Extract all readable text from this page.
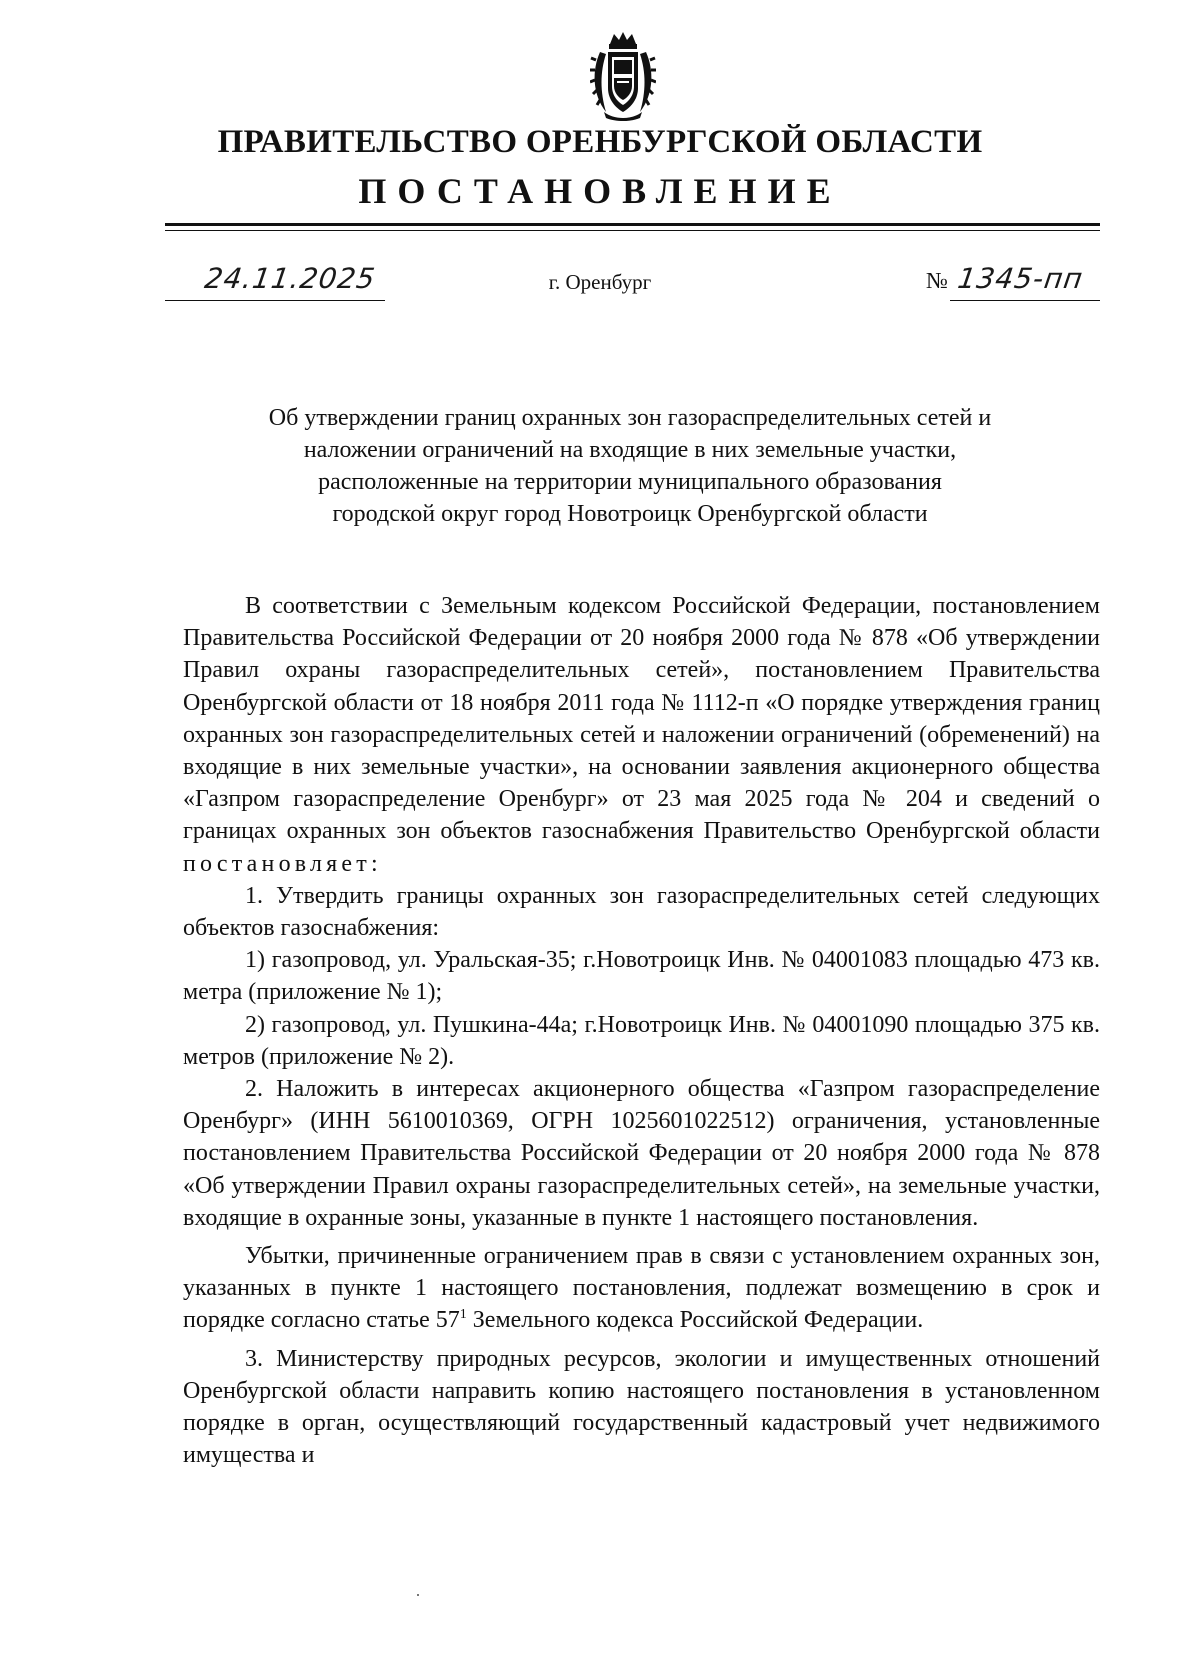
ПРАВИТЕЛЬСТВО ОРЕНБУРГСКОЙ ОБЛАСТИ
ПОСТАНОВЛЕНИЕ
24.11.2025	г. Оренбург	№ 1345-пп
Об утверждении границ охранных зон газораспределительных сетей и
наложении ограничений на входящие в них земельные участки,
расположенные на территории муниципального образования
городской округ город Новотроицк Оренбургской области

В соответствии с Земельным кодексом Российской Федерации, постановлением Правительства Российской Федерации от 20 ноября 2000 года № 878 «Об утверждении Правил охраны газораспределительных сетей», постановлением Правительства Оренбургской области от 18 ноября 2011 года № 1112-п «О порядке утверждения границ охранных зон газораспределительных сетей и наложении ограничений (обременений) на входящие в них земельные участки», на основании заявления акционерного общества «Газпром газораспределение Оренбург» от 23 мая 2025 года № 204 и сведений о границах охранных зон объектов газоснабжения Правительство Оренбургской области постановляет:

1. Утвердить границы охранных зон газораспределительных сетей следующих объектов газоснабжения:

1) газопровод, ул. Уральская-35; г.Новотроицк Инв. № 04001083 площадью 473 кв. метра (приложение № 1);

2) газопровод, ул. Пушкина-44а; г.Новотроицк Инв. № 04001090 площадью 375 кв. метров (приложение № 2).

2. Наложить в интересах акционерного общества «Газпром газораспределение Оренбург» (ИНН 5610010369, ОГРН 1025601022512) ограничения, установленные постановлением Правительства Российской Федерации от 20 ноября 2000 года № 878 «Об утверждении Правил охраны газораспределительных сетей», на земельные участки, входящие в охранные зоны, указанные в пункте 1 настоящего постановления.

Убытки, причиненные ограничением прав в связи с установлением охранных зон, указанных в пункте 1 настоящего постановления, подлежат возмещению в срок и порядке согласно статье $57^1$ Земельного кодекса Российской Федерации.

3. Министерству природных ресурсов, экологии и имущественных отношений Оренбургской области направить копию настоящего постановления в установленном порядке в орган, осуществляющий государственный кадастровый учет недвижимого имущества и
